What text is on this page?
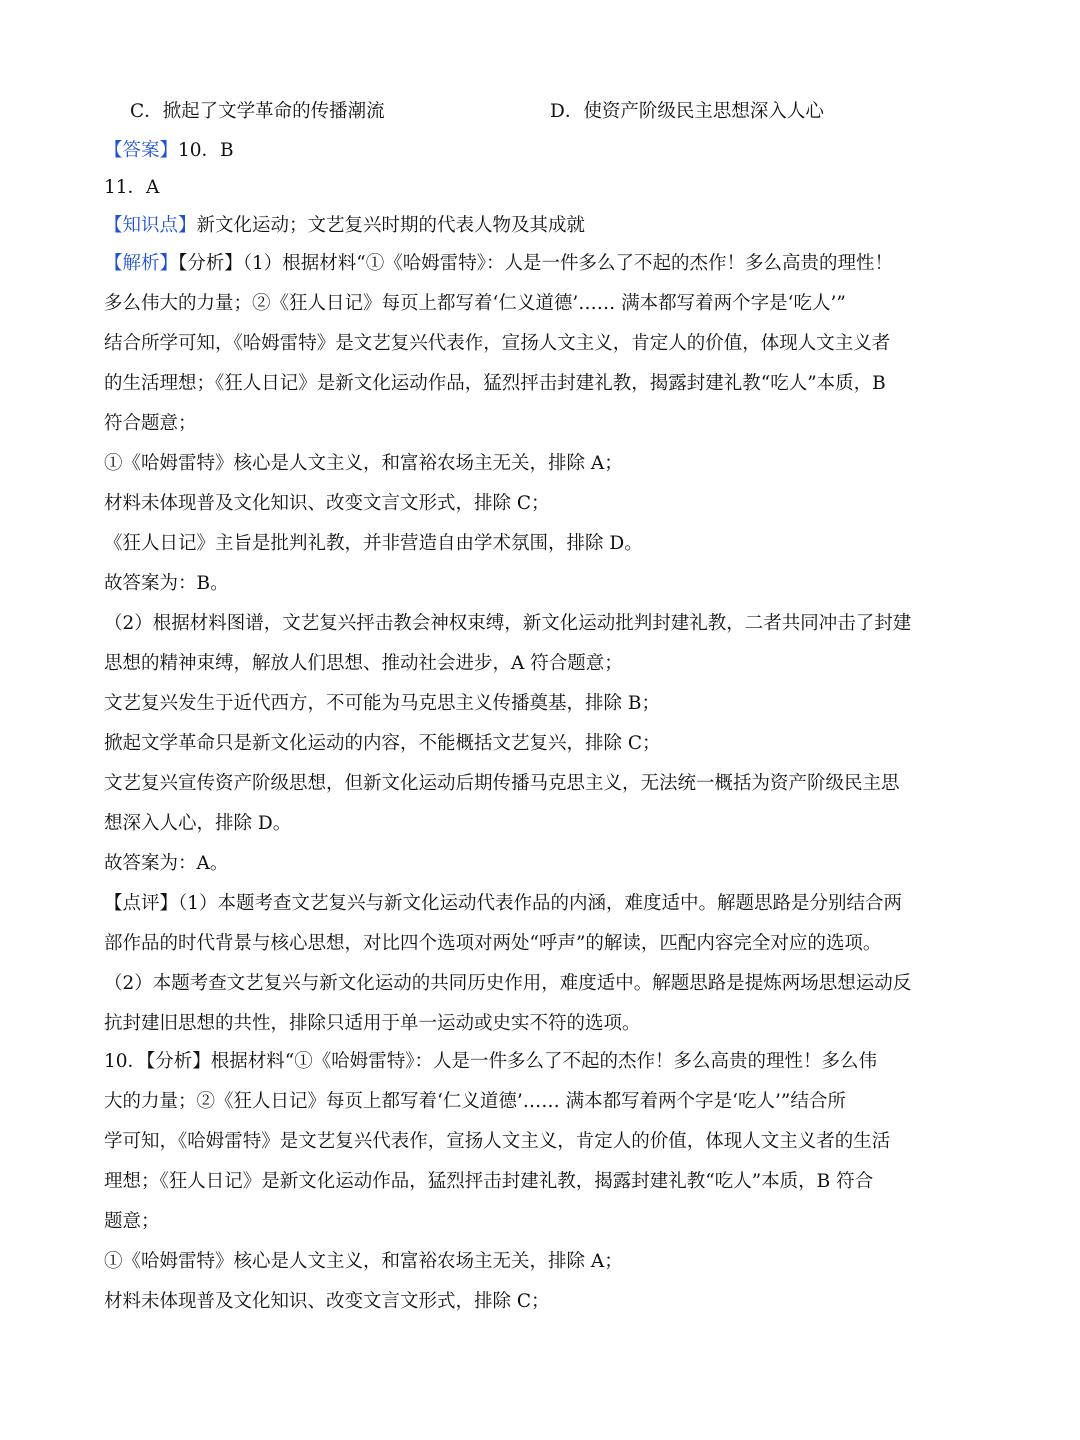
C．掀起了文学革命的传播潮流	D．使资产阶级民主思想深入人心
【答案】10．B
11．A
【知识点】新文化运动；文艺复兴时期的代表人物及其成就
【解析】【分析】（1）根据材料“①《哈姆雷特》：人是一件多么了不起的杰作！多么高贵的理性！
多么伟大的力量；②《狂人日记》每页上都写着‘仁义道德’…… 满本都写着两个字是‘吃人’”
结合所学可知，《哈姆雷特》是文艺复兴代表作，宣扬人文主义，肯定人的价值，体现人文主义者
的生活理想；《狂人日记》是新文化运动作品，猛烈抨击封建礼教，揭露封建礼教“吃人”本质，B
符合题意；
①《哈姆雷特》核心是人文主义，和富裕农场主无关，排除 A；
材料未体现普及文化知识、改变文言文形式，排除 C；
《狂人日记》主旨是批判礼教，并非营造自由学术氛围，排除 D。
故答案为：B。
（2）根据材料图谱，文艺复兴抨击教会神权束缚，新文化运动批判封建礼教，二者共同冲击了封建
思想的精神束缚，解放人们思想、推动社会进步，A 符合题意；
文艺复兴发生于近代西方，不可能为马克思主义传播奠基，排除 B；
掀起文学革命只是新文化运动的内容，不能概括文艺复兴，排除 C；
文艺复兴宣传资产阶级思想，但新文化运动后期传播马克思主义，无法统一概括为资产阶级民主思
想深入人心，排除 D。
故答案为：A。
【点评】（1）本题考查文艺复兴与新文化运动代表作品的内涵，难度适中。解题思路是分别结合两
部作品的时代背景与核心思想，对比四个选项对两处“呼声”的解读，匹配内容完全对应的选项。
（2）本题考查文艺复兴与新文化运动的共同历史作用，难度适中。解题思路是提炼两场思想运动反
抗封建旧思想的共性，排除只适用于单一运动或史实不符的选项。
10．【分析】根据材料“①《哈姆雷特》：人是一件多么了不起的杰作！多么高贵的理性！多么伟
大的力量；②《狂人日记》每页上都写着‘仁义道德’…… 满本都写着两个字是‘吃人’”结合所
学可知，《哈姆雷特》是文艺复兴代表作，宣扬人文主义，肯定人的价值，体现人文主义者的生活
理想；《狂人日记》是新文化运动作品，猛烈抨击封建礼教，揭露封建礼教“吃人”本质，B 符合
题意；
①《哈姆雷特》核心是人文主义，和富裕农场主无关，排除 A；
材料未体现普及文化知识、改变文言文形式，排除 C；
